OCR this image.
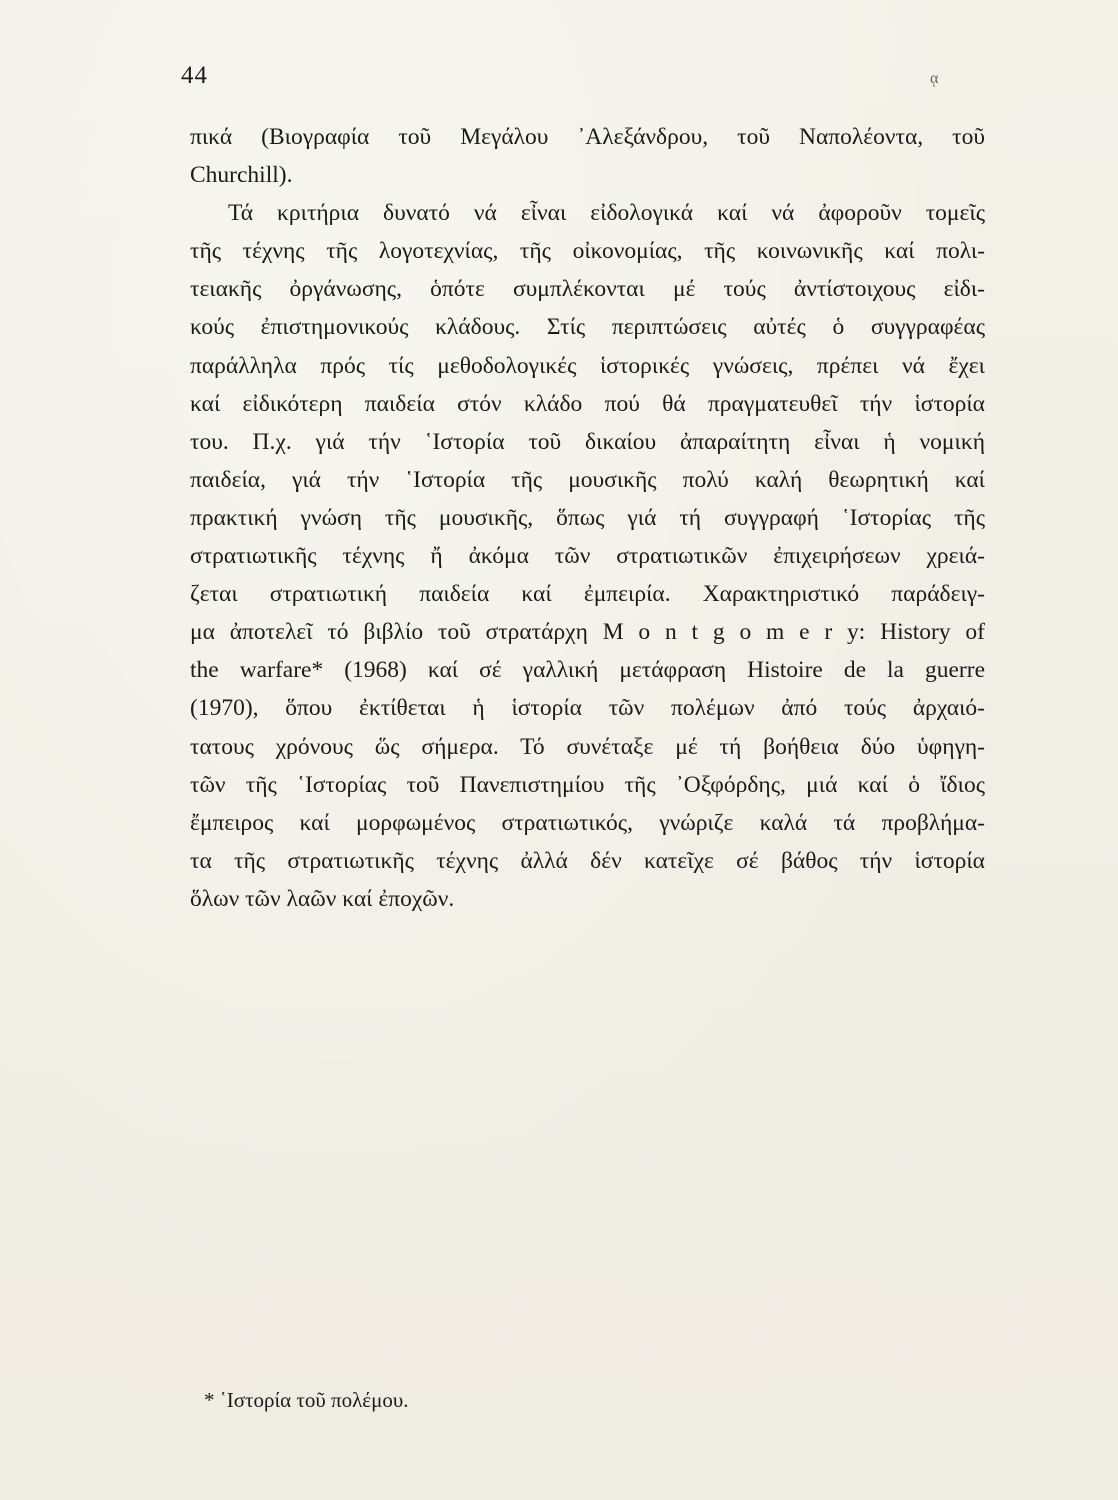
44	ᾳ
πικά (Βιογραφία τοῦ Μεγάλου ᾿Αλεξάνδρου, τοῦ Ναπολέοντα, τοῦ
Churchill).
Τά κριτήρια δυνατό νά εἶναι εἰδολογικά καί νά ἀφοροῦν τομεῖς
τῆς τέχνης τῆς λογοτεχνίας, τῆς οἰκονομίας, τῆς κοινωνικῆς καί πολι-
τειακῆς ὀργάνωσης, ὁπότε συμπλέκονται μέ τούς ἀντίστοιχους εἰδι-
κούς ἐπιστημονικούς κλάδους. Στίς περιπτώσεις αὐτές ὁ συγγραφέας
παράλληλα πρός τίς μεθοδολογικές ἱστορικές γνώσεις, πρέπει νά ἔχει
καί εἰδικότερη παιδεία στόν κλάδο πού θά πραγματευθεῖ τήν ἱστορία
του. Π.χ. γιά τήν ῾Ιστορία τοῦ δικαίου ἀπαραίτητη εἶναι ἡ νομική
παιδεία, γιά τήν ῾Ιστορία τῆς μουσικῆς πολύ καλή θεωρητική καί
πρακτική γνώση τῆς μουσικῆς, ὅπως γιά τή συγγραφή ῾Ιστορίας τῆς
στρατιωτικῆς τέχνης ἤ ἀκόμα τῶν στρατιωτικῶν ἐπιχειρήσεων χρειά-
ζεται στρατιωτική παιδεία καί ἐμπειρία. Χαρακτηριστικό παράδειγ-
μα ἀποτελεῖ τό βιβλίο τοῦ στρατάρχη M o n t g o m e r y: History of
the warfare* (1968) καί σέ γαλλική μετάφραση Histoire de la guerre
(1970), ὅπου ἐκτίθεται ἡ ἱστορία τῶν πολέμων ἀπό τούς ἀρχαιό-
τατους χρόνους ὥς σήμερα. Τό συνέταξε μέ τή βοήθεια δύο ὑφηγη-
τῶν τῆς ῾Ιστορίας τοῦ Πανεπιστημίου τῆς ᾿Οξφόρδης, μιά καί ὁ ἴδιος
ἔμπειρος καί μορφωμένος στρατιωτικός, γνώριζε καλά τά προβλήμα-
τα τῆς στρατιωτικῆς τέχνης ἀλλά δέν κατεῖχε σέ βάθος τήν ἱστορία
ὅλων τῶν λαῶν καί ἐποχῶν.
* ῾Ιστορία τοῦ πολέμου.
